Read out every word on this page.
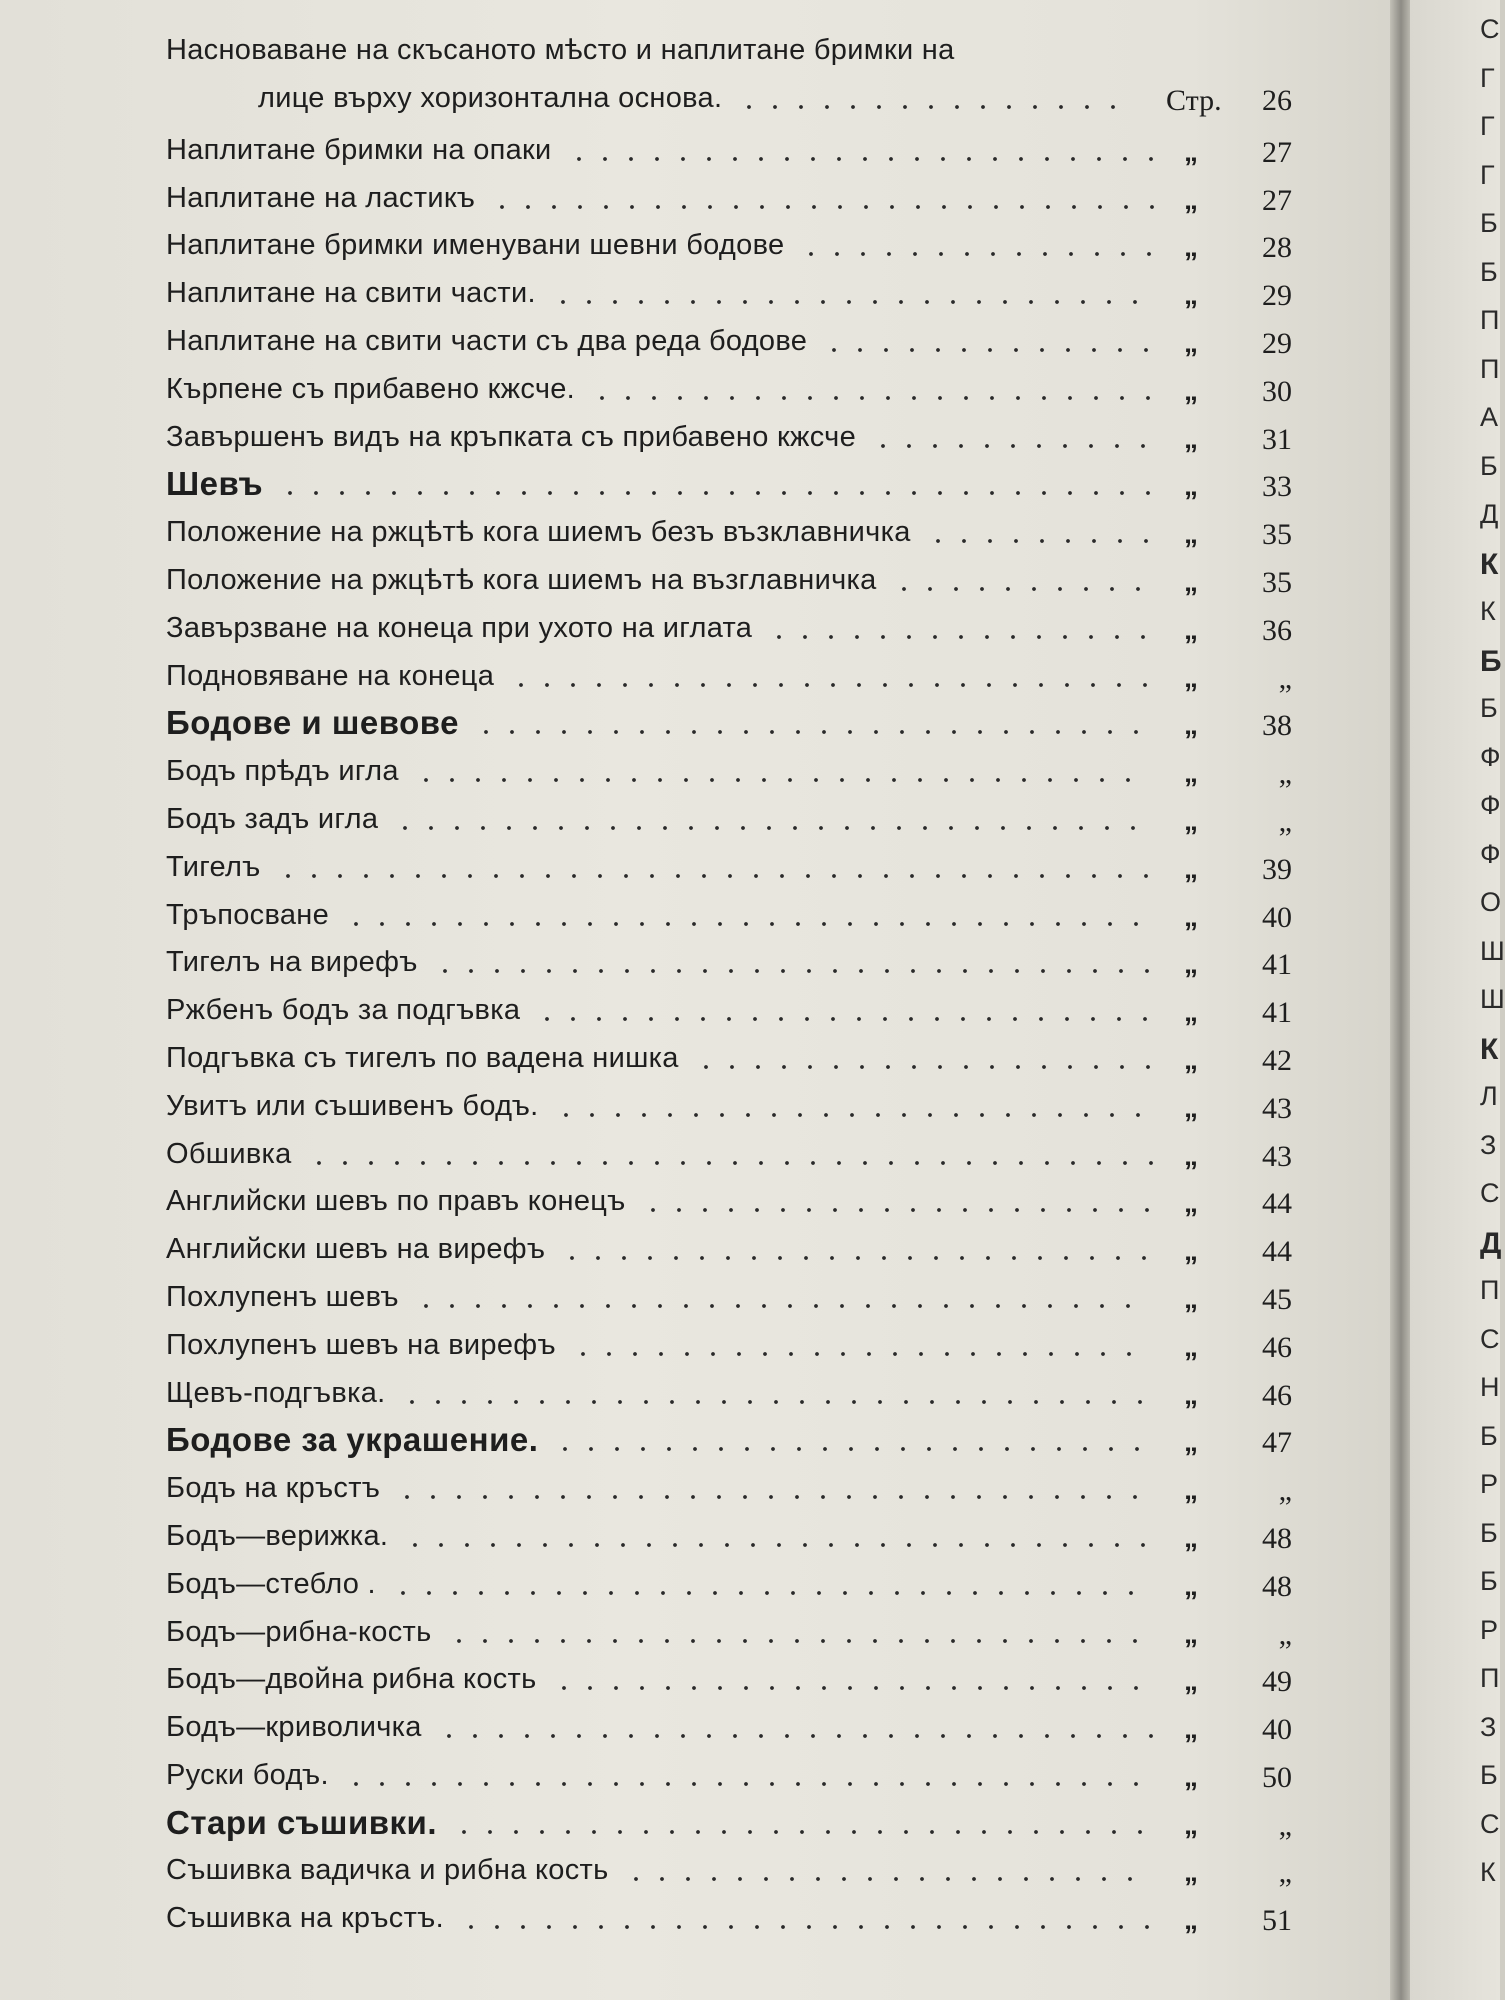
Насноваване на скъсаното мѣсто и наплитане бримки на
лице върху хоризонтална основа.	Стр. 26
Наплитане бримки на опаки	„ 27
Наплитане на ластикъ	„ 27
Наплитане бримки именувани шевни бодове	„ 28
Наплитане на свити части.	„ 29
Наплитане на свити части съ два реда бодове	„ 29
Кърпене съ прибавено кжсче.	„ 30
Завършенъ видъ на кръпката съ прибавено кжсче	„ 31
Шевъ	„ 33
Положение на ржцѣтѣ кога шиемъ безъ възклавничка	„ 35
Положение на ржцѣтѣ кога шиемъ на възглавничка	„ 35
Завързване на конеца при ухото на иглата	„ 36
Подновяване на конеца	„	„
Бодове и шевове	„ 38
Бодъ прѣдъ игла	„	„
Бодъ задъ игла	„	„
Тигелъ	„ 39
Тръпосване	„ 40
Тигелъ на вирефъ	„ 41
Ржбенъ бодъ за подгъвка	„ 41
Подгъвка съ тигелъ по вадена нишка	„ 42
Увитъ или съшивенъ бодъ.	„ 43
Обшивка	„ 43
Английски шевъ по правъ конецъ	„ 44
Английски шевъ на вирефъ	„ 44
Похлупенъ шевъ	„ 45
Похлупенъ шевъ на вирефъ	„ 46
Щевъ-подгъвка.	„ 46
Бодове за украшение.	„ 47
Бодъ на кръстъ	„	„
Бодъ—верижка.	„ 48
Бодъ—стебло .	„ 48
Бодъ—рибна-кость	„	„
Бодъ—двойна рибна кость	„ 49
Бодъ—криволичка	„ 40
Руски бодъ.	„ 50
Стари съшивки.	„	„
Съшивка вадичка и рибна кость	„	„
Съшивка на кръстъ.	„ 51
С
Г
Г
Г
Б
Б
П
П
А
Б
Д
К
К
Б
Б
Ф
Ф
Ф
О
Ш
Ш
К
Л
З
С
Д
П
С
Н
Б
Р
Б
Б
Р
П
З
Б
С
К
